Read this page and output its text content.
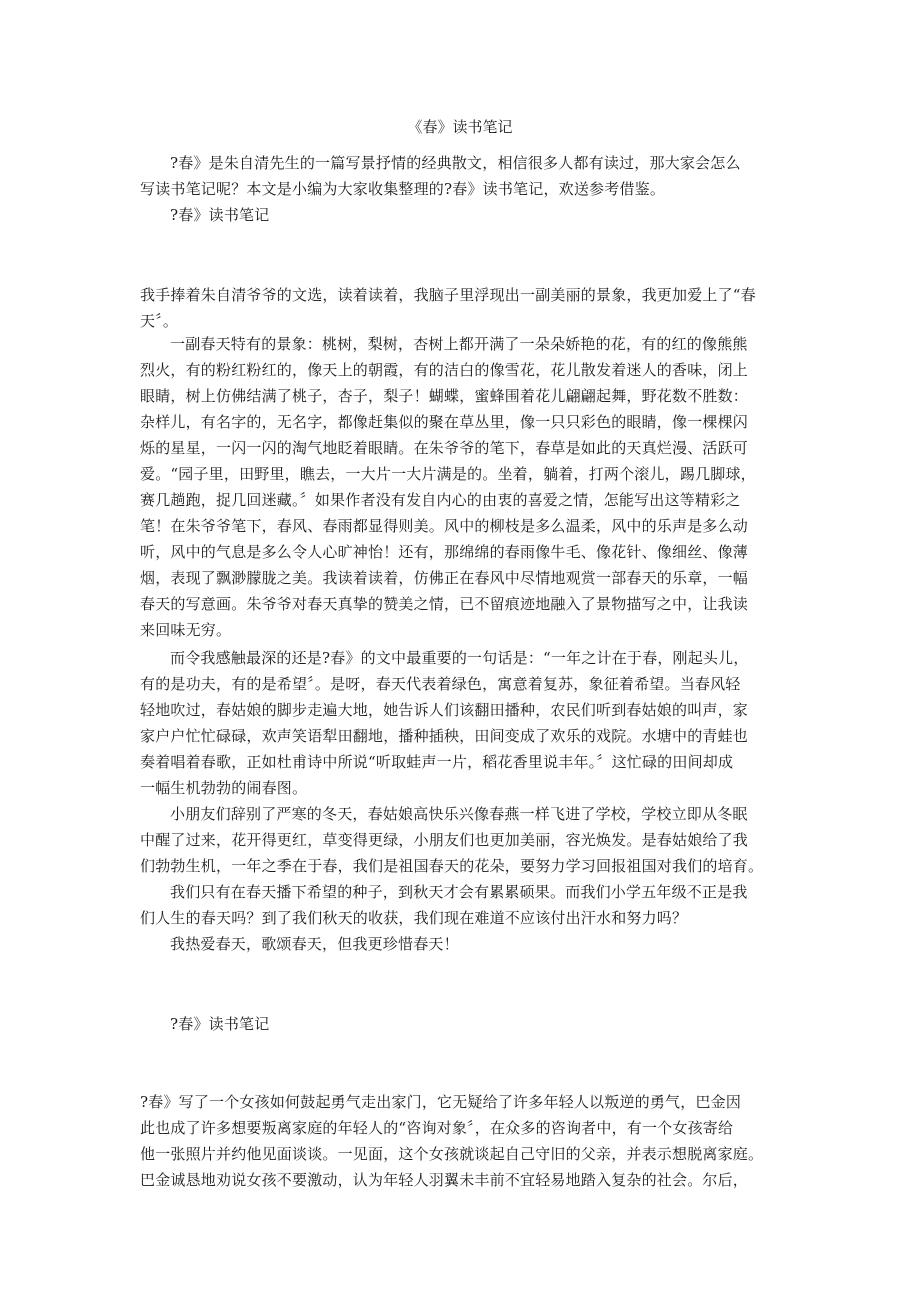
《春》读书笔记
?春》是朱自清先生的一篇写景抒情的经典散文，相信很多人都有读过，那大家会怎么
写读书笔记呢？本文是小编为大家收集整理的?春》读书笔记，欢送参考借鉴。
?春》读书笔记
我手捧着朱自清爷爷的文选，读着读着，我脑子里浮现出一副美丽的景象，我更加爱上了“春
天〞。
一副春天特有的景象：桃树，梨树，杏树上都开满了一朵朵娇艳的花，有的红的像熊熊
烈火，有的粉红粉红的，像天上的朝霞，有的洁白的像雪花，花儿散发着迷人的香味，闭上
眼睛，树上仿佛结满了桃子，杏子，梨子！蝴蝶，蜜蜂围着花儿翩翩起舞，野花数不胜数：
杂样儿，有名字的，无名字，都像赶集似的聚在草丛里，像一只只彩色的眼睛，像一棵棵闪
烁的星星，一闪一闪的淘气地眨着眼睛。在朱爷爷的笔下，春草是如此的天真烂漫、活跃可
爱。“园子里，田野里，瞧去，一大片一大片满是的。坐着，躺着，打两个滚儿，踢几脚球，
赛几趟跑，捉几回迷藏。〞如果作者没有发自内心的由衷的喜爱之情，怎能写出这等精彩之
笔！在朱爷爷笔下，春风、春雨都显得则美。风中的柳枝是多么温柔，风中的乐声是多么动
听，风中的气息是多么令人心旷神怡！还有，那绵绵的春雨像牛毛、像花针、像细丝、像薄
烟，表现了飘渺朦胧之美。我读着读着，仿佛正在春风中尽情地观赏一部春天的乐章，一幅
春天的写意画。朱爷爷对春天真挚的赞美之情，已不留痕迹地融入了景物描写之中，让我读
来回味无穷。
而令我感触最深的还是?春》的文中最重要的一句话是：“一年之计在于春，刚起头儿，
有的是功夫，有的是希望〞。是呀，春天代表着绿色，寓意着复苏，象征着希望。当春风轻
轻地吹过，春姑娘的脚步走遍大地，她告诉人们该翻田播种，农民们听到春姑娘的叫声，家
家户户忙忙碌碌，欢声笑语犁田翻地，播种插秧，田间变成了欢乐的戏院。水塘中的青蛙也
奏着唱着春歌，正如杜甫诗中所说“听取蛙声一片，稻花香里说丰年。〞这忙碌的田间却成
一幅生机勃勃的闹春图。
小朋友们辞别了严寒的冬天，春姑娘高快乐兴像春燕一样飞进了学校，学校立即从冬眠
中醒了过来，花开得更红，草变得更绿，小朋友们也更加美丽，容光焕发。是春姑娘给了我
们勃勃生机，一年之季在于春，我们是祖国春天的花朵，要努力学习回报祖国对我们的培育。
我们只有在春天播下希望的种子，到秋天才会有累累硕果。而我们小学五年级不正是我
们人生的春天吗？到了我们秋天的收获，我们现在难道不应该付出汗水和努力吗？
我热爱春天，歌颂春天，但我更珍惜春天！
?春》读书笔记
?春》写了一个女孩如何鼓起勇气走出家门，它无疑给了许多年轻人以叛逆的勇气，巴金因
此也成了许多想要叛离家庭的年轻人的“咨询对象〞，在众多的咨询者中，有一个女孩寄给
他一张照片并约他见面谈谈。一见面，这个女孩就谈起自己守旧的父亲，并表示想脱离家庭。
巴金诚恳地劝说女孩不要激动，认为年轻人羽翼未丰前不宜轻易地踏入复杂的社会。尔后，
